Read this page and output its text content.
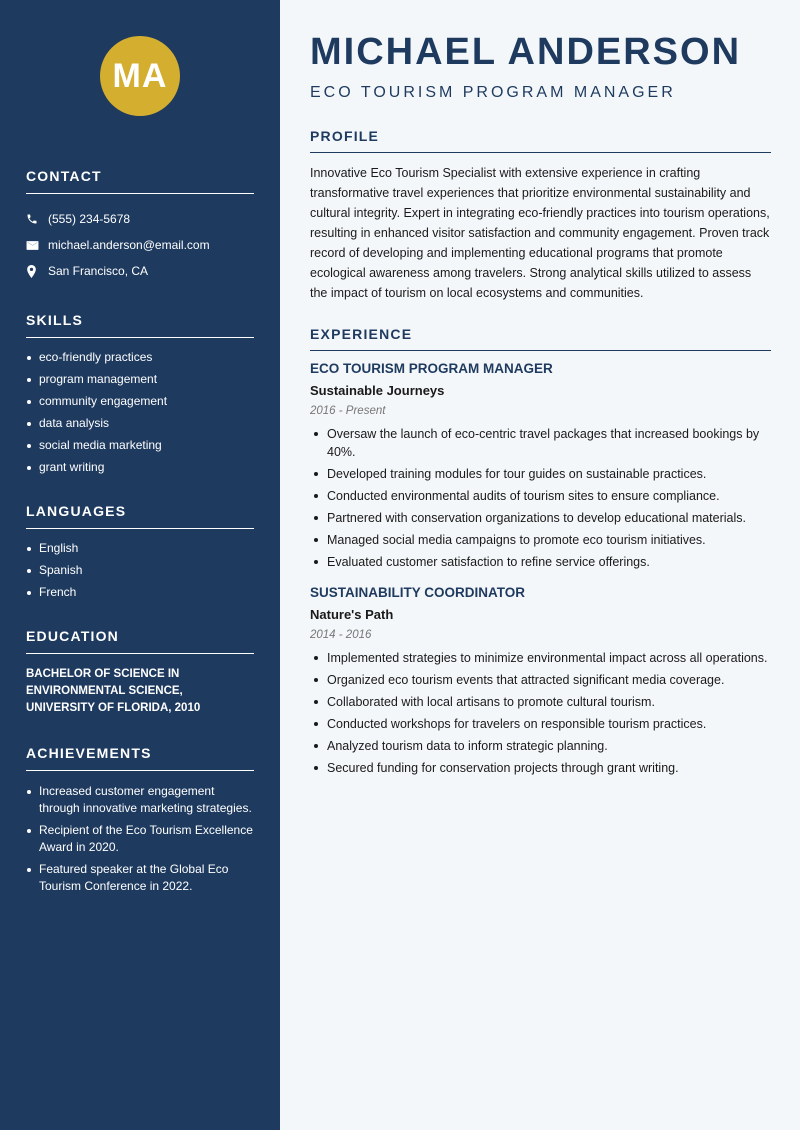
MA
CONTACT
(555) 234-5678
michael.anderson@email.com
San Francisco, CA
SKILLS
eco-friendly practices
program management
community engagement
data analysis
social media marketing
grant writing
LANGUAGES
English
Spanish
French
EDUCATION

BACHELOR OF SCIENCE IN ENVIRONMENTAL SCIENCE, UNIVERSITY OF FLORIDA, 2010

ACHIEVEMENTS
Increased customer engagement through innovative marketing strategies.
Recipient of the Eco Tourism Excellence Award in 2020.
Featured speaker at the Global Eco Tourism Conference in 2022.
MICHAEL ANDERSON
ECO TOURISM PROGRAM MANAGER
PROFILE

Innovative Eco Tourism Specialist with extensive experience in crafting transformative travel experiences that prioritize environmental sustainability and cultural integrity. Expert in integrating eco-friendly practices into tourism operations, resulting in enhanced visitor satisfaction and community engagement. Proven track record of developing and implementing educational programs that promote ecological awareness among travelers. Strong analytical skills utilized to assess the impact of tourism on local ecosystems and communities.

EXPERIENCE
ECO TOURISM PROGRAM MANAGER
Sustainable Journeys
2016 - Present
Oversaw the launch of eco-centric travel packages that increased bookings by 40%.
Developed training modules for tour guides on sustainable practices.
Conducted environmental audits of tourism sites to ensure compliance.
Partnered with conservation organizations to develop educational materials.
Managed social media campaigns to promote eco tourism initiatives.
Evaluated customer satisfaction to refine service offerings.
SUSTAINABILITY COORDINATOR
Nature's Path
2014 - 2016
Implemented strategies to minimize environmental impact across all operations.
Organized eco tourism events that attracted significant media coverage.
Collaborated with local artisans to promote cultural tourism.
Conducted workshops for travelers on responsible tourism practices.
Analyzed tourism data to inform strategic planning.
Secured funding for conservation projects through grant writing.
